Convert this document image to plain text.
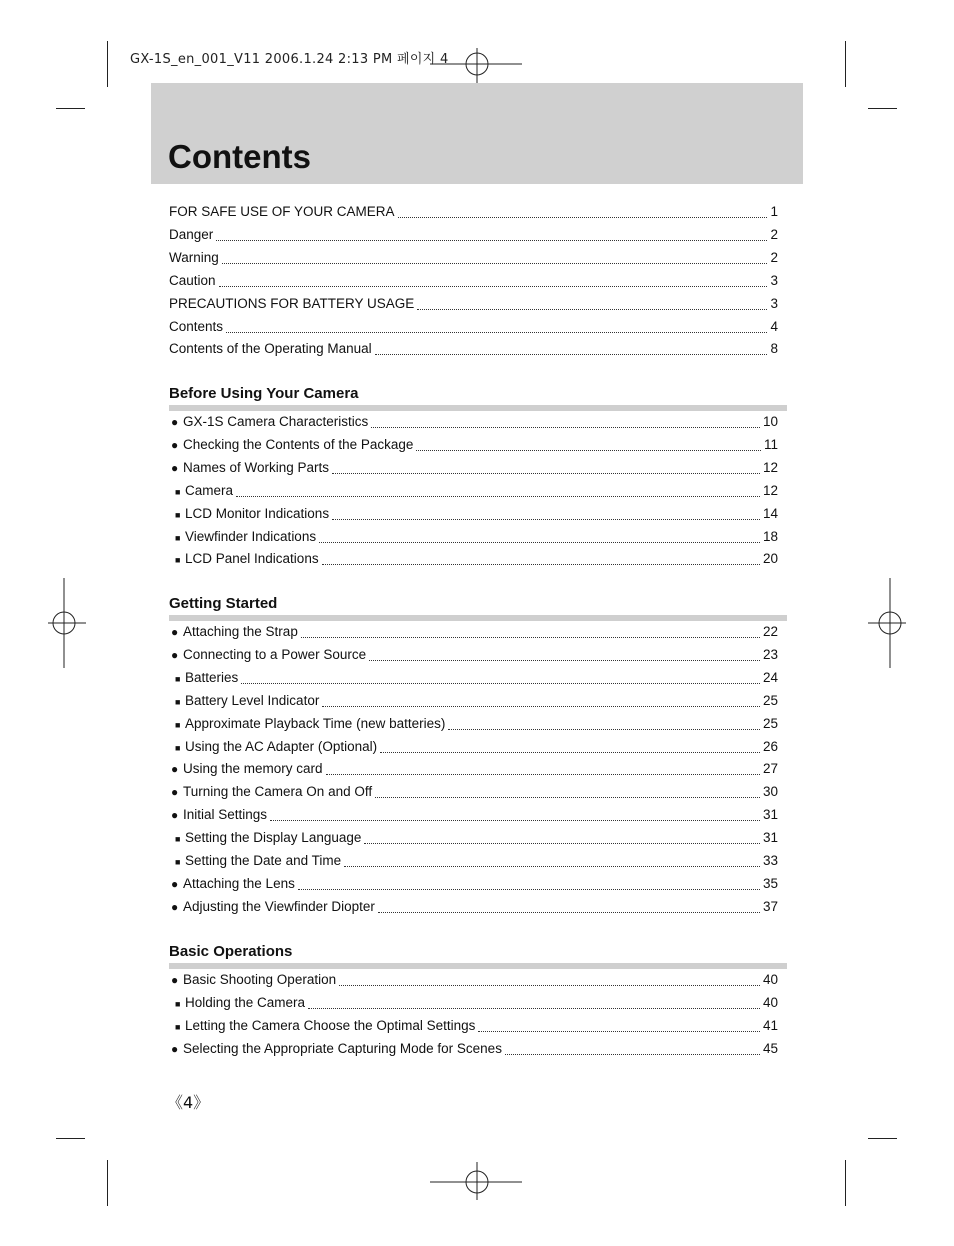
GX-1S_en_001_V11 2006.1.24 2:13 PM 페이지 4
Contents
FOR SAFE USE OF YOUR CAMERA	1
Danger	2
Warning	2
Caution	3
PRECAUTIONS FOR BATTERY USAGE	3
Contents	4
Contents of the Operating Manual	8
Before Using Your Camera
● GX-1S Camera Characteristics	10
● Checking the Contents of the Package	11
● Names of Working Parts	12
■ Camera	12
■ LCD Monitor Indications	14
■ Viewfinder Indications	18
■ LCD Panel Indications	20
Getting Started
● Attaching the Strap	22
● Connecting to a Power Source	23
■ Batteries	24
■ Battery Level Indicator	25
■ Approximate Playback Time (new batteries)	25
■ Using the AC Adapter (Optional)	26
● Using the memory card	27
● Turning the Camera On and Off	30
● Initial Settings	31
■ Setting the Display Language	31
■ Setting the Date and Time	33
● Attaching the Lens	35
● Adjusting the Viewfinder Diopter	37
Basic Operations
● Basic Shooting Operation	40
■ Holding the Camera	40
■ Letting the Camera Choose the Optimal Settings	41
● Selecting the Appropriate Capturing Mode for Scenes	45
《4》
